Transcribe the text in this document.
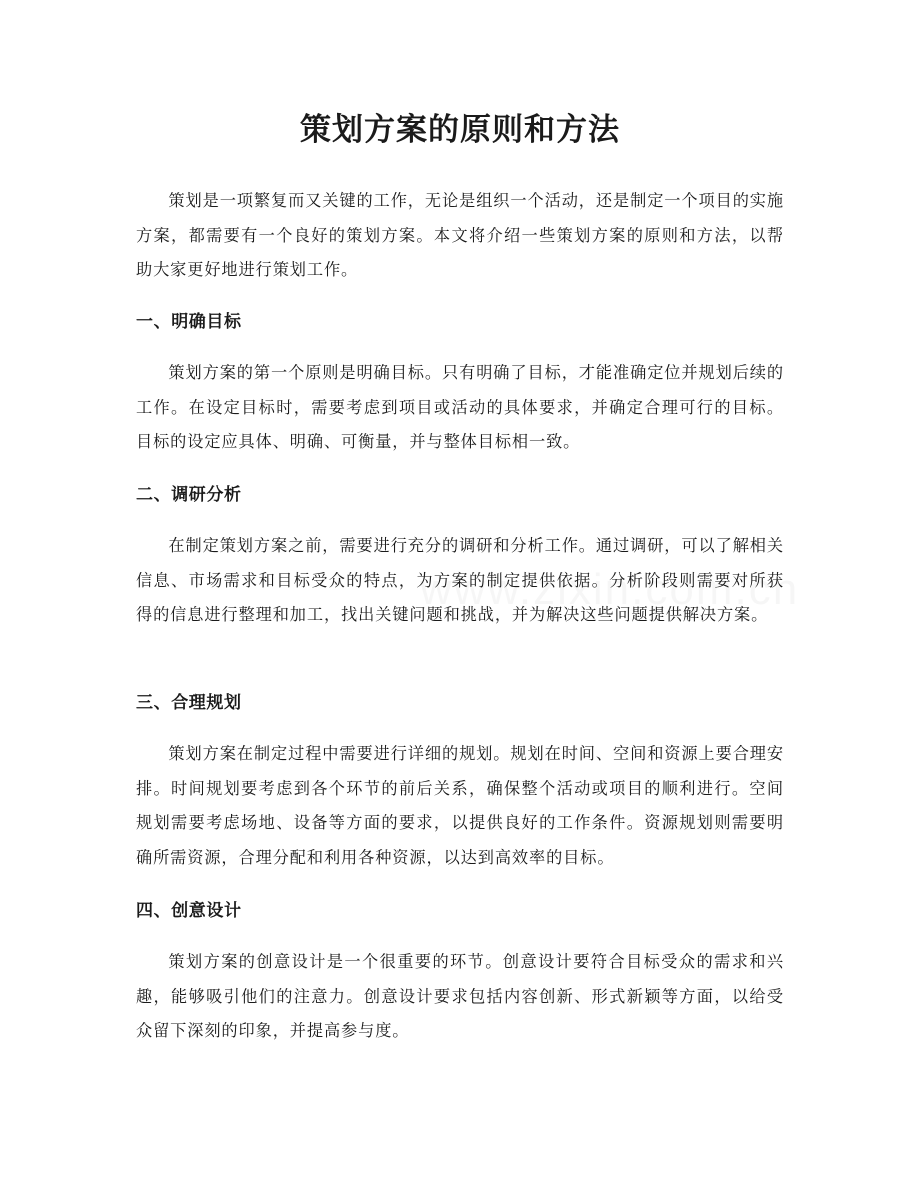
策划方案的原则和方法

策划是一项繁复而又关键的工作，无论是组织一个活动，还是制定一个项目的实施方案，都需要有一个良好的策划方案。本文将介绍一些策划方案的原则和方法，以帮助大家更好地进行策划工作。

一、明确目标

策划方案的第一个原则是明确目标。只有明确了目标，才能准确定位并规划后续的工作。在设定目标时，需要考虑到项目或活动的具体要求，并确定合理可行的目标。目标的设定应具体、明确、可衡量，并与整体目标相一致。

二、调研分析

在制定策划方案之前，需要进行充分的调研和分析工作。通过调研，可以了解相关信息、市场需求和目标受众的特点，为方案的制定提供依据。分析阶段则需要对所获得的信息进行整理和加工，找出关键问题和挑战，并为解决这些问题提供解决方案。

三、合理规划

策划方案在制定过程中需要进行详细的规划。规划在时间、空间和资源上要合理安排。时间规划要考虑到各个环节的前后关系，确保整个活动或项目的顺利进行。空间规划需要考虑场地、设备等方面的要求，以提供良好的工作条件。资源规划则需要明确所需资源，合理分配和利用各种资源，以达到高效率的目标。

四、创意设计

策划方案的创意设计是一个很重要的环节。创意设计要符合目标受众的需求和兴趣，能够吸引他们的注意力。创意设计要求包括内容创新、形式新颖等方面，以给受众留下深刻的印象，并提高参与度。
